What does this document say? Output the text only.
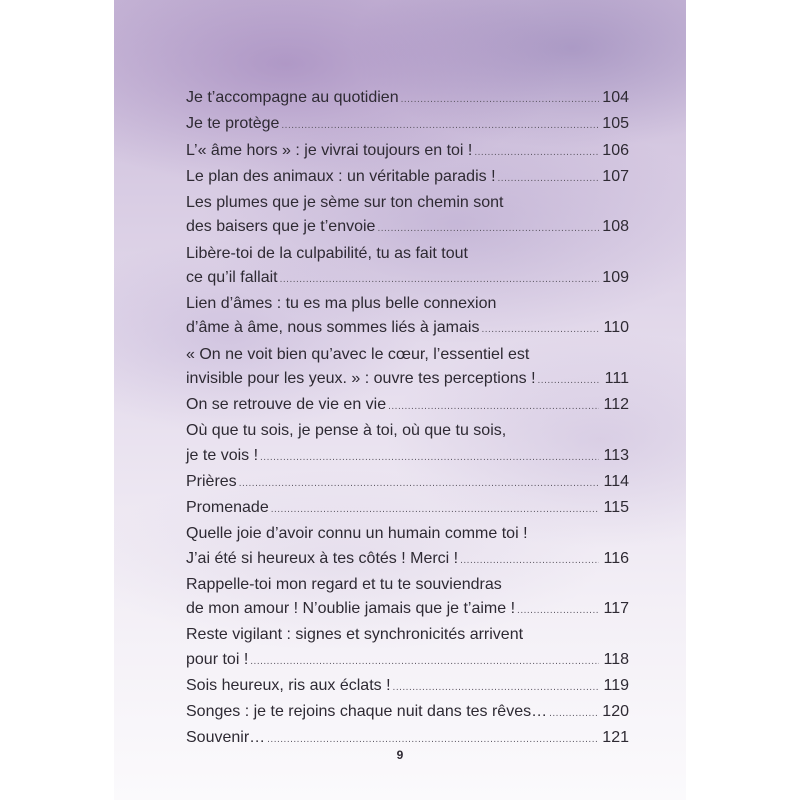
Je t’accompagne au quotidien .....	104
Je te protège .....	105
L’« âme hors » : je vivrai toujours en toi ! .....	106
Le plan des animaux : un véritable paradis ! .....	107
Les plumes que je sème sur ton chemin sont
des baisers que je t’envoie .....	108
Libère-toi de la culpabilité, tu as fait tout
ce qu’il fallait .....	109
Lien d’âmes : tu es ma plus belle connexion
d’âme à âme, nous sommes liés à jamais .....	110
« On ne voit bien qu’avec le cœur, l’essentiel est
invisible pour les yeux. » : ouvre tes perceptions ! .....	111
On se retrouve de vie en vie .....	112
Où que tu sois, je pense à toi, où que tu sois,
je te vois ! .....	113
Prières .....	114
Promenade .....	115
Quelle joie d’avoir connu un humain comme toi !
J’ai été si heureux à tes côtés ! Merci ! .....	116
Rappelle-toi mon regard et tu te souviendras
de mon amour ! N’oublie jamais que je t’aime ! .....	117
Reste vigilant : signes et synchronicités arrivent
pour toi ! .....	118
Sois heureux, ris aux éclats ! .....	119
Songes : je te rejoins chaque nuit dans tes rêves… .....	120
Souvenir… .....	121
9
